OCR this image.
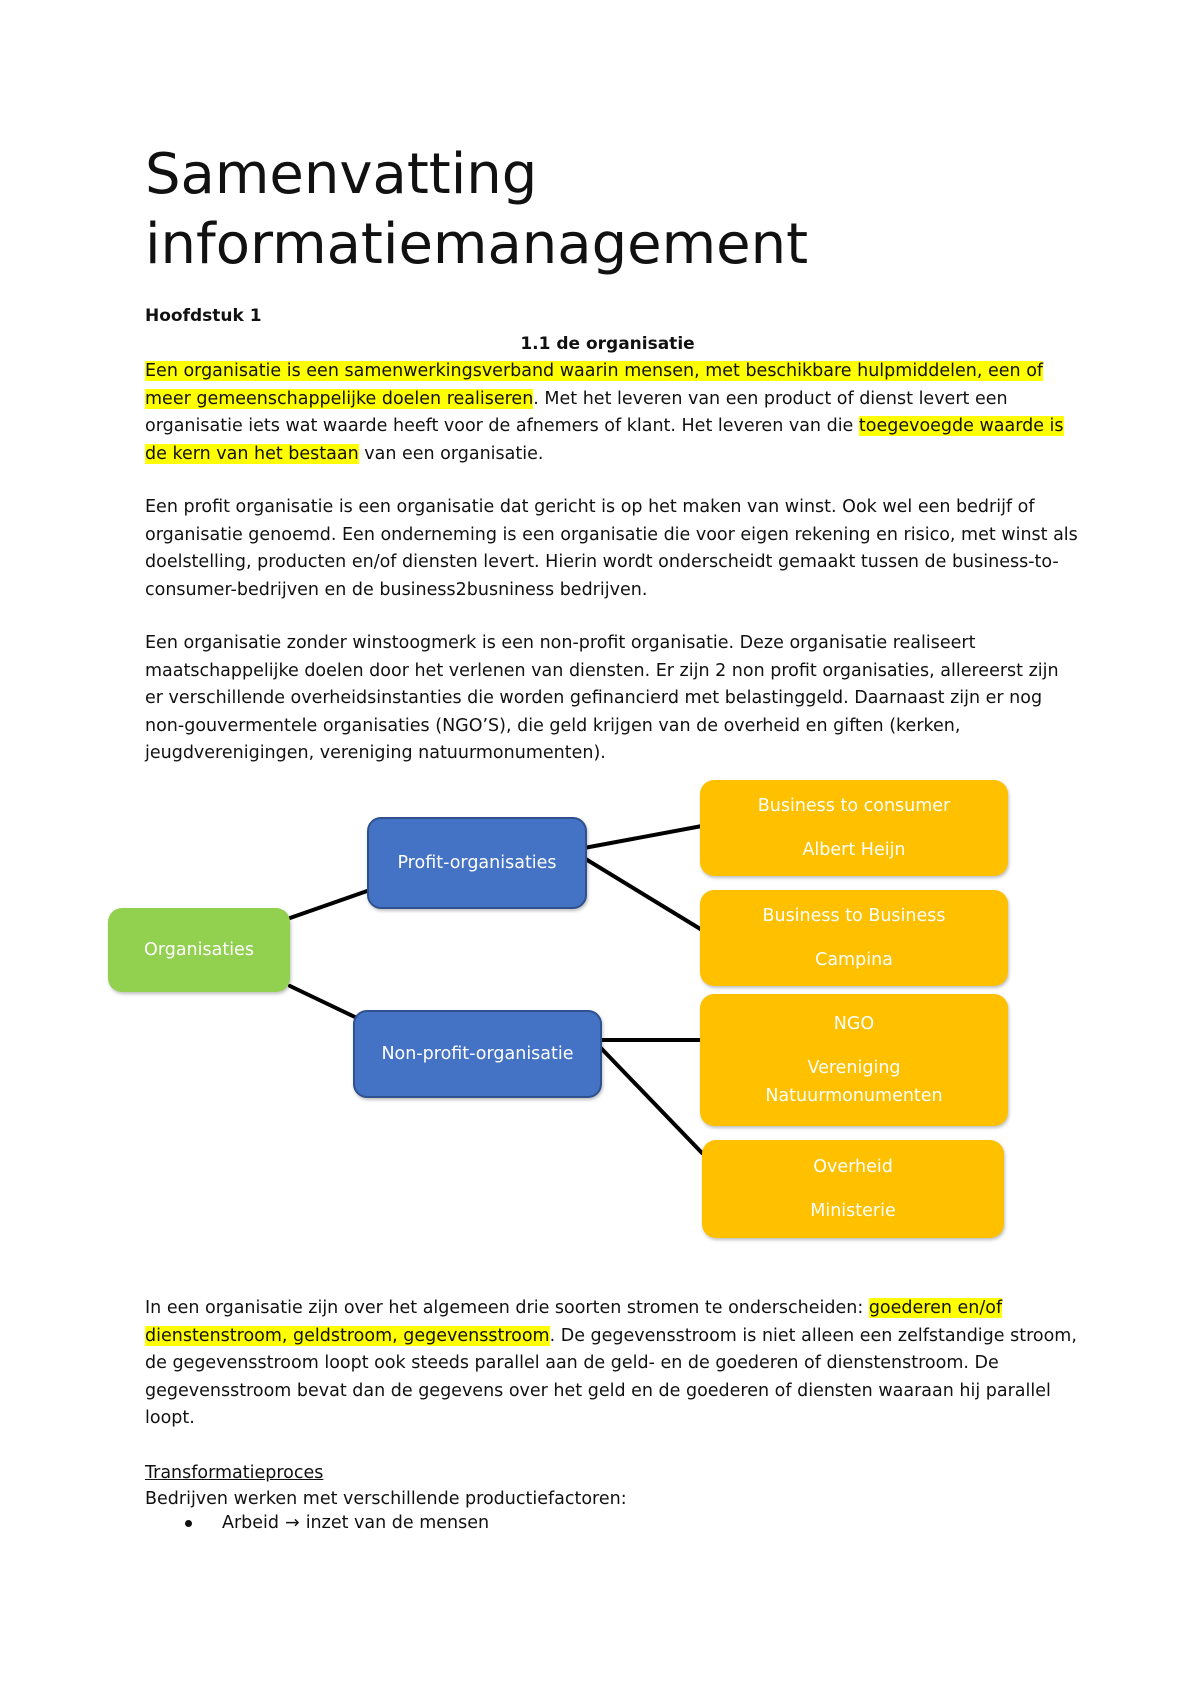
Samenvatting informatiemanagement
Hoofdstuk 1
1.1 de organisatie

Een organisatie is een samenwerkingsverband waarin mensen, met beschikbare hulpmiddelen, een of meer gemeenschappelijke doelen realiseren. Met het leveren van een product of dienst levert een organisatie iets wat waarde heeft voor de afnemers of klant. Het leveren van die toegevoegde waarde is de kern van het bestaan van een organisatie.

Een profit organisatie is een organisatie dat gericht is op het maken van winst. Ook wel een bedrijf of organisatie genoemd. Een onderneming is een organisatie die voor eigen rekening en risico, met winst als doelstelling, producten en/of diensten levert. Hierin wordt onderscheidt gemaakt tussen de business-to-consumer-bedrijven en de business2busniness bedrijven.

Een organisatie zonder winstoogmerk is een non-profit organisatie. Deze organisatie realiseert maatschappelijke doelen door het verlenen van diensten. Er zijn 2 non profit organisaties, allereerst zijn er verschillende overheidsinstanties die worden gefinancierd met belastinggeld. Daarnaast zijn er nog non-gouvermentele organisaties (NGO’S), die geld krijgen van de overheid en giften (kerken, jeugdverenigingen, vereniging natuurmonumenten).

Organisaties
Profit-organisaties
Non-profit-organisatie
Business to consumer
Albert Heijn
Business to Business
Campina
NGO
Vereniging
Natuurmonumenten
Overheid
Ministerie

In een organisatie zijn over het algemeen drie soorten stromen te onderscheiden: goederen en/of dienstenstroom, geldstroom, gegevensstroom. De gegevensstroom is niet alleen een zelfstandige stroom, de gegevensstroom loopt ook steeds parallel aan de geld- en de goederen of dienstenstroom. De gegevensstroom bevat dan de gegevens over het geld en de goederen of diensten waaraan hij parallel loopt.

Transformatieproces
Bedrijven werken met verschillende productiefactoren:
Arbeid → inzet van de mensen
